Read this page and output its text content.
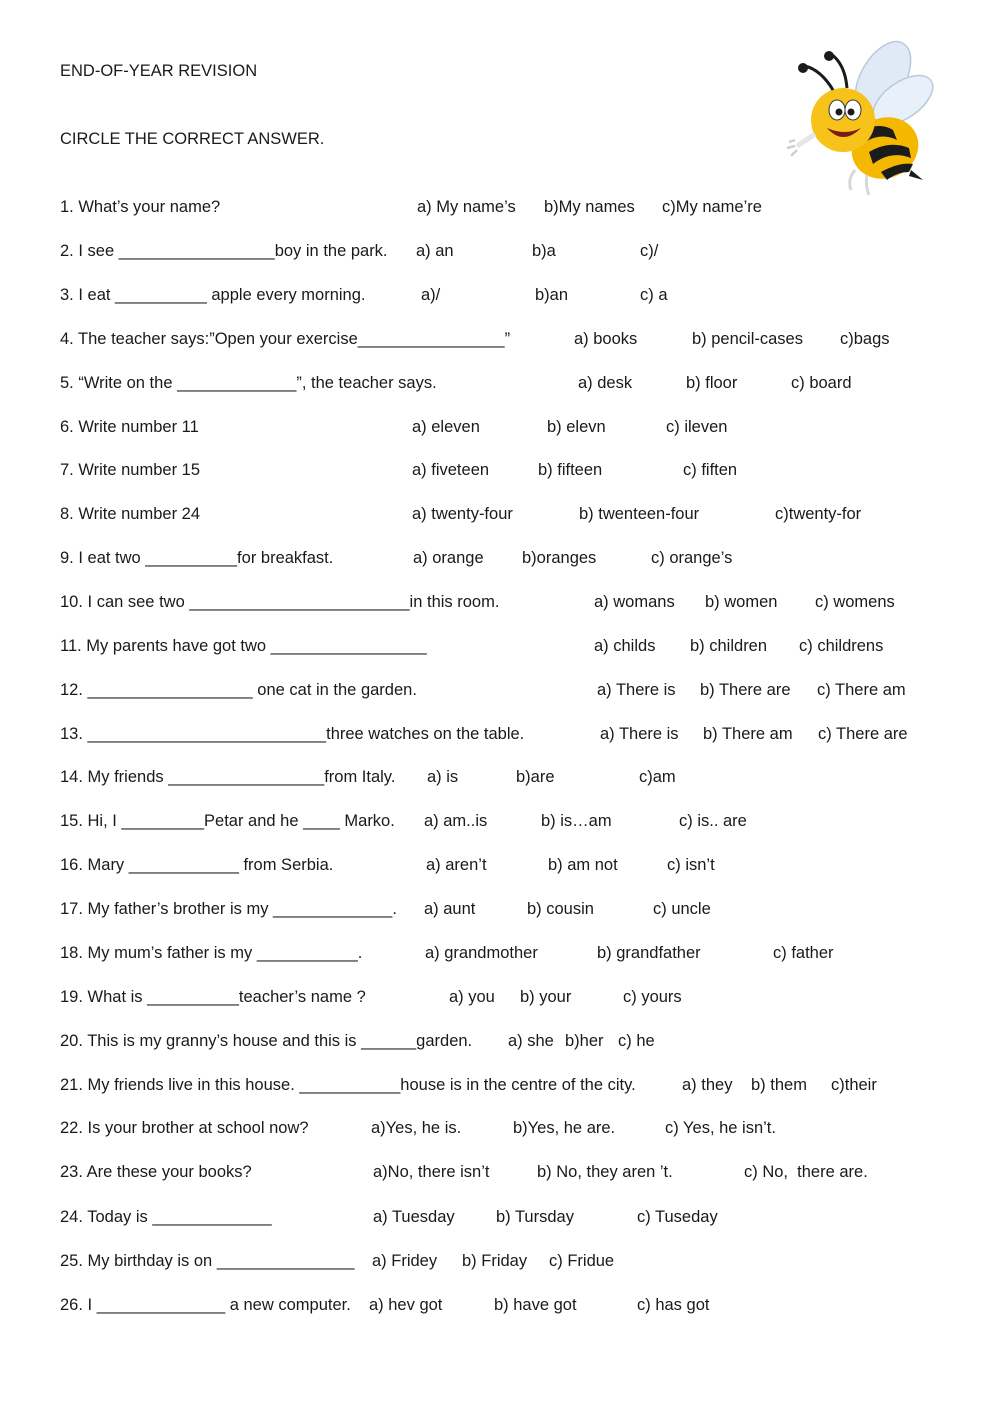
END-OF-YEAR REVISION
CIRCLE THE CORRECT ANSWER.
1. What’s your name?	a) My name’s b)My names c)My name’re
2. I see _________________boy in the park. a) an	b)a	c)/
3. I eat __________ apple every morning.	a)/	b)an	c) a
4. The teacher says:”Open your exercise________________”	a) books	b) pencil-cases c)bags
5. “Write on the _____________”, the teacher says.	a) desk	b) floor	c) board
6. Write number 11	a) eleven	b) elevn	c) ileven
7. Write number 15	a) fiveteen	b) fifteen	c) fiften
8. Write number 24	a) twenty-four	b) twenteen-four	c)twenty-for
9. I eat two __________for breakfast.	a) orange b)oranges	c) orange’s
10. I can see two ________________________in this room.	a) womans b) women c) womens
11. My parents have got two _________________	a) childs b) children c) childrens
12. __________________ one cat in the garden.	a) There is b) There are c) There am
13. __________________________three watches on the table.	a) There is b) There am c) There are
14. My friends _________________from Italy. a) is	b)are	c)am
15. Hi, I _________Petar and he ____ Marko. a) am..is	b) is…am	c) is.. are
16. Mary ____________ from Serbia.	a) aren’t	b) am not	c) isn’t
17. My father’s brother is my _____________. a) aunt	b) cousin	c) uncle
18. My mum’s father is my ___________.	a) grandmother	b) grandfather	c) father
19. What is __________teacher’s name ?	a) you b) your	c) yours
20. This is my granny’s house and this is ______garden. a) she b)her c) he
21. My friends live in this house. ___________house is in the centre of the city.	a) they b) them c)their
22. Is your brother at school now?	a)Yes, he is.	b)Yes, he are.	c) Yes, he isn’t.
23. Are these your books?	a)No, there isn’t	b) No, they aren ’t.	c) No,  there are.
24. Today is _____________	a) Tuesday	b) Tursday	c) Tuseday
25. My birthday is on _______________ a) Fridey b) Friday c) Fridue
26. I ______________ a new computer. a) hev got	b) have got	c) has got
